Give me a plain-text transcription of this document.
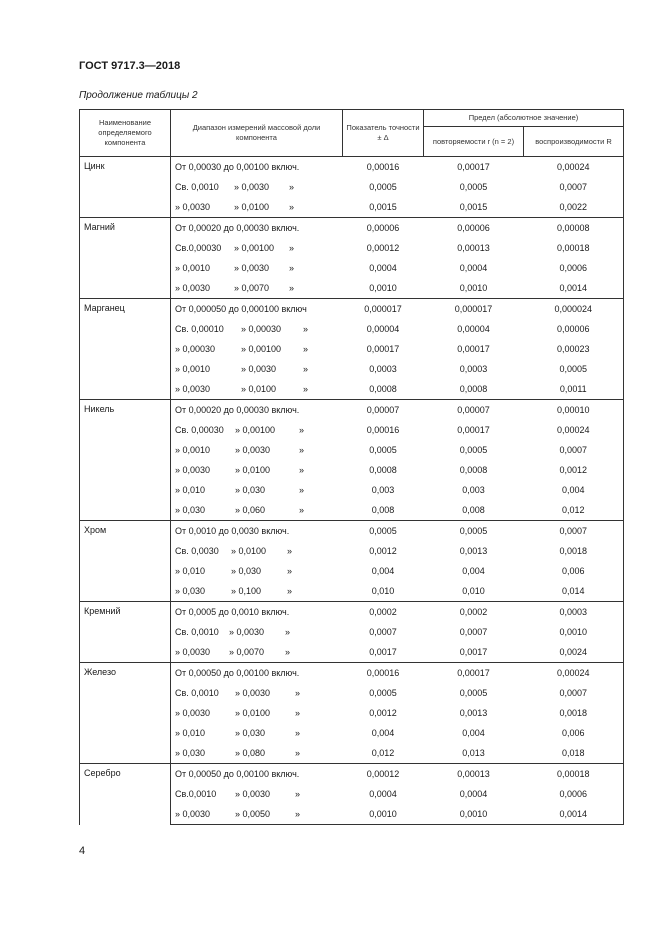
ГОСТ 9717.3—2018
Продолжение таблицы 2
Наименование определяемого компонента	Диапазон измерений массовой доли компонента	Показатель точности ± Δ	Предел (абсолютное значение)	
			повторяемости r (n = 2)	воспроизводимости R
Цинк	От 0,00030 до 0,00100 включ.	0,00016	0,00017	0,00024

	Св. 0,0010 » 0,0030 »	0,0005	0,0005	0,0007

	» 0,0030 » 0,0100 »	0,0015	0,0015	0,0022
Магний	От 0,00020 до 0,00030 включ.	0,00006	0,00006	0,00008

	Св.0,00030 » 0,00100 »	0,00012	0,00013	0,00018

	» 0,0010 » 0,0030 »	0,0004	0,0004	0,0006

	» 0,0030 » 0,0070 »	0,0010	0,0010	0,0014
Марганец	От 0,000050 до 0,000100 включ	0,000017	0,000017	0,000024

	Св. 0,00010 » 0,00030 »	0,00004	0,00004	0,00006

	» 0,00030 » 0,00100 »	0,00017	0,00017	0,00023

	» 0,0010 » 0,0030 »	0,0003	0,0003	0,0005

	» 0,0030 » 0,0100 »	0,0008	0,0008	0,0011
Никель	От 0,00020 до 0,00030 включ.	0,00007	0,00007	0,00010

	Св. 0,00030 » 0,00100 »	0,00016	0,00017	0,00024

	» 0,0010 » 0,0030 »	0,0005	0,0005	0,0007

	» 0,0030 » 0,0100 »	0,0008	0,0008	0,0012

	» 0,010 » 0,030 »	0,003	0,003	0,004

	» 0,030 » 0,060 »	0,008	0,008	0,012
Хром	От 0,0010 до 0,0030 включ.	0,0005	0,0005	0,0007

	Св. 0,0030 » 0,0100 »	0,0012	0,0013	0,0018

	» 0,010 » 0,030 »	0,004	0,004	0,006

	» 0,030 » 0,100 »	0,010	0,010	0,014
Кремний	От 0,0005 до 0,0010 включ.	0,0002	0,0002	0,0003

	Св. 0,0010 » 0,0030 »	0,0007	0,0007	0,0010

	» 0,0030 » 0,0070 »	0,0017	0,0017	0,0024
Железо	От 0,00050 до 0,00100 включ.	0,00016	0,00017	0,00024

	Св. 0,0010 » 0,0030 »	0,0005	0,0005	0,0007

	» 0,0030 » 0,0100 »	0,0012	0,0013	0,0018

	» 0,010 » 0,030 »	0,004	0,004	0,006

	» 0,030 » 0,080 »	0,012	0,013	0,018
Серебро	От 0,00050 до 0,00100 включ.	0,00012	0,00013	0,00018

	Св.0,0010 » 0,0030 »	0,0004	0,0004	0,0006

	» 0,0030 » 0,0050 »	0,0010	0,0010	0,0014
4
